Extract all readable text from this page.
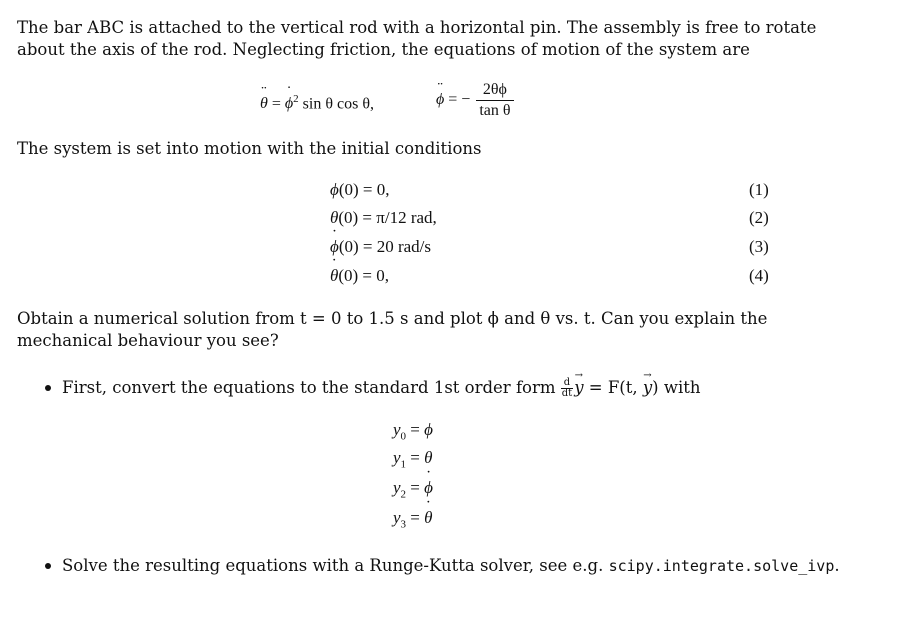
The bar ABC is attached to the vertical rod with a horizontal pin. The assembly is free to rotate
about the axis of the rod. Neglecting friction, the equations of motion of the system are
θ ¨ = ϕ ˙$^2$ sin θ cos θ,	ϕ ¨ = − $\frac{2\theta\phi}{\text{tan θ}}$
The system is set into motion with the initial conditions
ϕ(0) = 0,	(1)
θ(0) = π/12 rad,	(2)
ϕ ˙(0) = 20 rad/s	(3)
θ ˙(0) = 0,	(4)
Obtain a numerical solution from t = 0 to 1.5 s and plot ϕ and θ vs. t. Can you explain the
mechanical behaviour you see?
First, convert the equations to the standard 1st order form $\frac{d}{dt}$ y → = F(t, y →) with
$y_0 = \phi$
$y_1 = \theta$
$y_2 = \phi$ ˙
$y_3 = \theta$ ˙
Solve the resulting equations with a Runge-Kutta solver, see e.g. scipy.integrate.solve_ivp.
